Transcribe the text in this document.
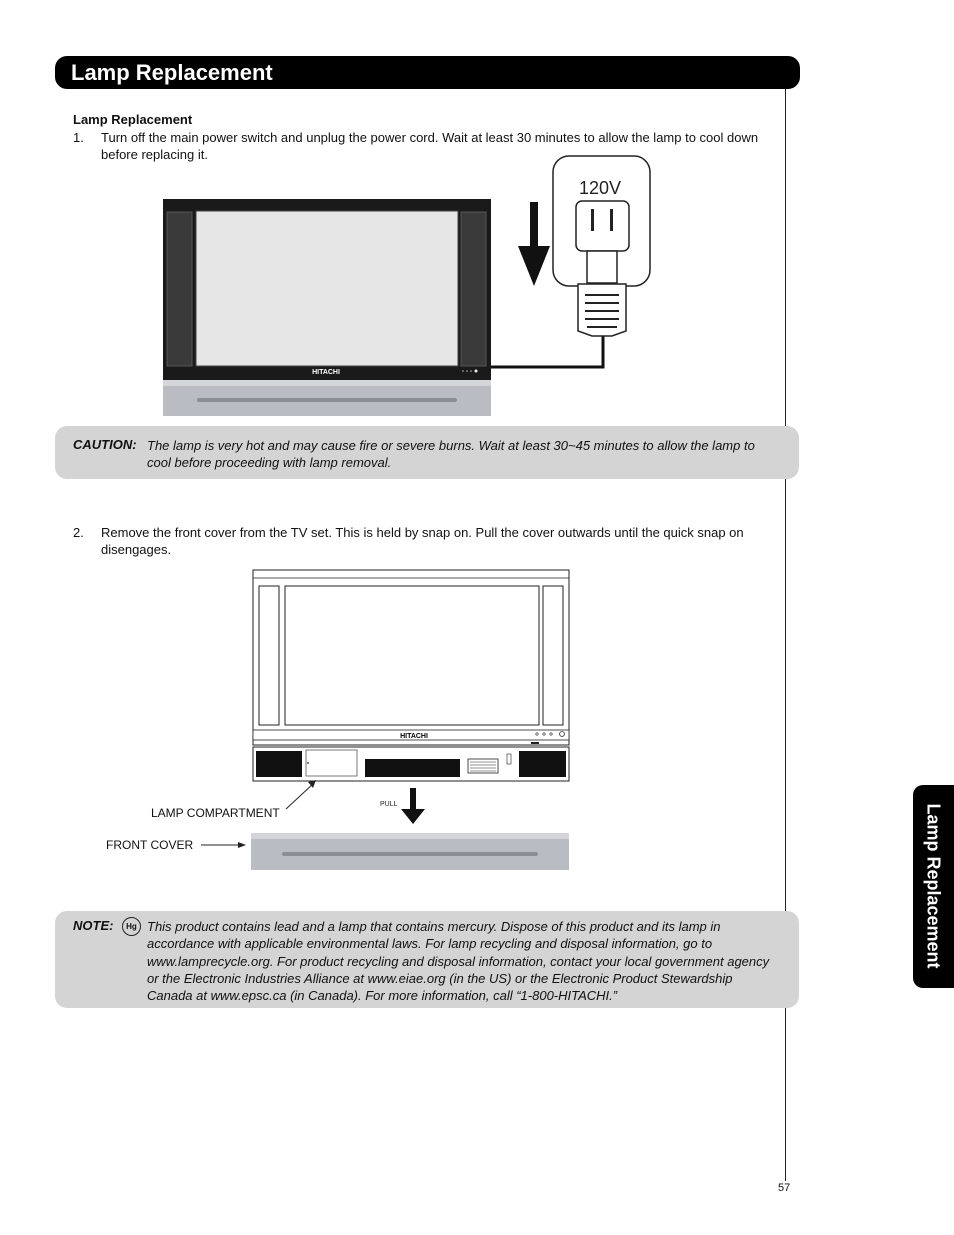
Lamp Replacement
Lamp Replacement
1. Turn off the main power switch and unplug the power cord. Wait at least 30 minutes to allow the lamp to cool down before replacing it.
HITACHI
120V
CAUTION: The lamp is very hot and may cause fire or severe burns. Wait at least 30~45 minutes to allow the lamp to cool before proceeding with lamp removal.
2. Remove the front cover from the TV set. This is held by snap on. Pull the cover outwards until the quick snap on disengages.
HITACHI
PULL
LAMP COMPARTMENT
FRONT COVER
NOTE:	Hg This product contains lead and a lamp that contains mercury. Dispose of this product and its lamp in accordance with applicable environmental laws. For lamp recycling and disposal information, go to www.lamprecycle.org. For product recycling and disposal information, contact your local government agency or the Electronic Industries Alliance at www.eiae.org (in the US) or the Electronic Product Stewardship Canada at www.epsc.ca (in Canada). For more information, call “1-800-HITACHI.”
Lamp Replacement
57
